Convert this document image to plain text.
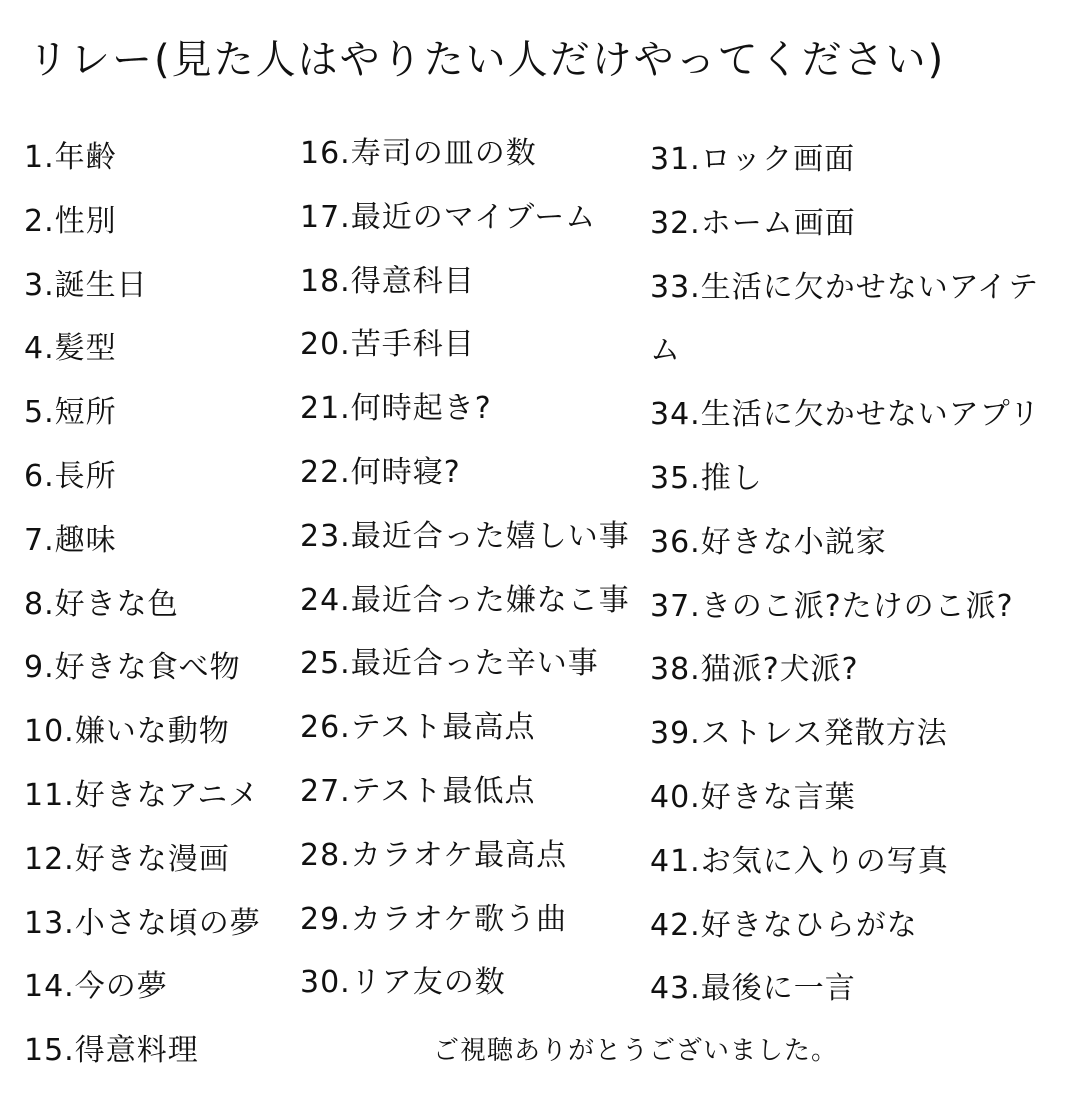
リレー(見た人はやりたい人だけやってください)
1.年齢
2.性別
3.誕生日
4.髪型
5.短所
6.長所
7.趣味
8.好きな色
9.好きな食べ物
10.嫌いな動物
11.好きなアニメ
12.好きな漫画
13.小さな頃の夢
14.今の夢
15.得意料理
16.寿司の皿の数
17.最近のマイブーム
18.得意科目
20.苦手科目
21.何時起き?
22.何時寝?
23.最近合った嬉しい事
24.最近合った嫌なこ事
25.最近合った辛い事
26.テスト最高点
27.テスト最低点
28.カラオケ最高点
29.カラオケ歌う曲
30.リア友の数
31.ロック画面
32.ホーム画面
33.生活に欠かせないアイテ
ム
34.生活に欠かせないアプリ
35.推し
36.好きな小説家
37.きのこ派?たけのこ派?
38.猫派?犬派?
39.ストレス発散方法
40.好きな言葉
41.お気に入りの写真
42.好きなひらがな
43.最後に一言
ご視聴ありがとうございました。
